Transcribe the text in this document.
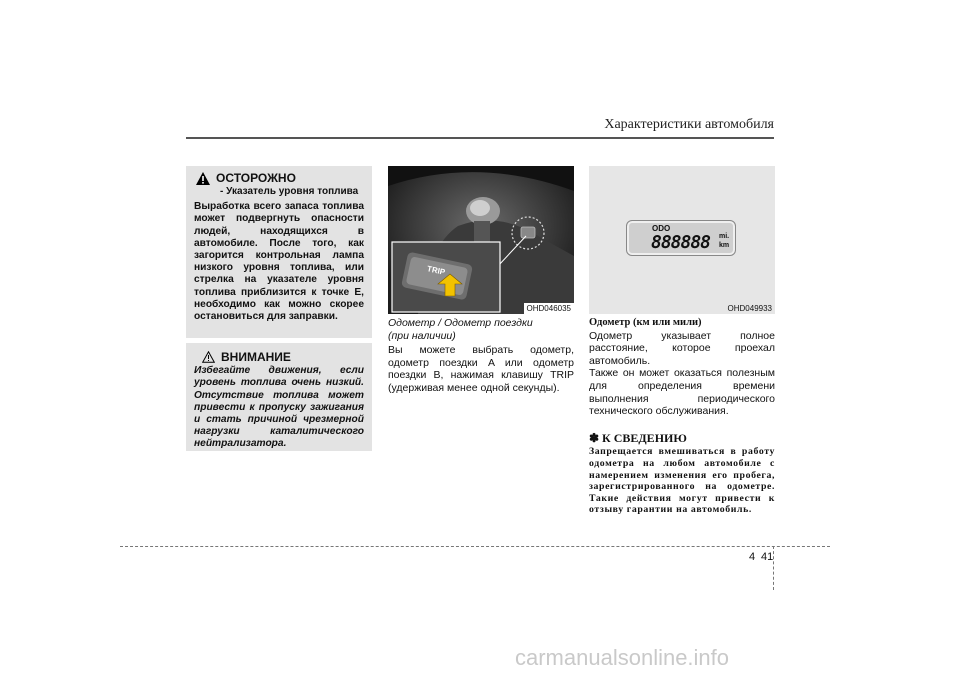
Характеристики автомобиля
ОСТОРОЖНО
- Указатель уровня топлива
Выработка всего запаса топлива может подвергнуть опасности людей, находящихся в автомобиле. После того, как загорится контрольная лампа низкого уровня топлива, или стрелка на указателе уровня топлива приблизится к точке E, необходимо как можно скорее остановиться для заправки.
ВНИМАНИЕ
Избегайте движения, если уровень топлива очень низкий. Отсутствие топлива может привести к пропуску зажигания и стать причиной чрезмерной нагрузки каталитического нейтрализатора.
TRIP
OHD046035
ODO
888888 mi.
km
OHD049933
Одометр / Одометр поездки
(при наличии)
Вы можете выбрать одометр, одометр поездки A или одометр поездки B, нажимая клавишу TRIP (удерживая менее одной секунды).
Одометр (км или мили)
Одометр указывает полное расстояние, которое проехал автомобиль.
Также он может оказаться полезным для определения времени выполнения периодического технического обслуживания.
✽ К СВЕДЕНИЮ
Запрещается вмешиваться в работу одометра на любом автомобиле с намерением изменения его пробега, зарегистрированного на одометре. Такие действия могут привести к отзыву гарантии на автомобиль.
4 41
carmanualsonline.info
